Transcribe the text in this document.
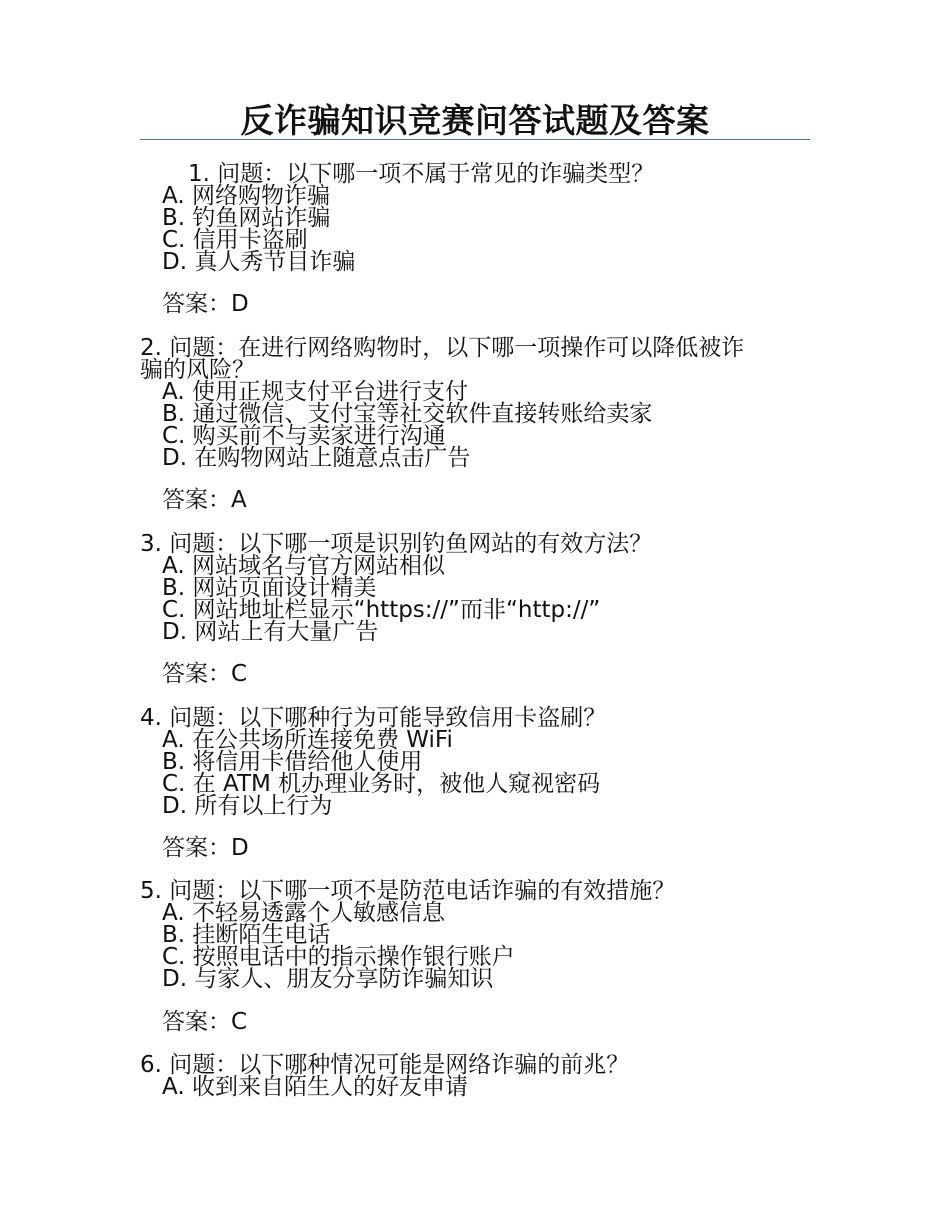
反诈骗知识竞赛问答试题及答案
1. 问题：以下哪一项不属于常见的诈骗类型？
A. 网络购物诈骗
B. 钓鱼网站诈骗
C. 信用卡盗刷
D. 真人秀节目诈骗
答案：D
2. 问题：在进行网络购物时，以下哪一项操作可以降低被诈
骗的风险？
A. 使用正规支付平台进行支付
B. 通过微信、支付宝等社交软件直接转账给卖家
C. 购买前不与卖家进行沟通
D. 在购物网站上随意点击广告
答案：A
3. 问题：以下哪一项是识别钓鱼网站的有效方法？
A. 网站域名与官方网站相似
B. 网站页面设计精美
C. 网站地址栏显示“https://”而非“http://”
D. 网站上有大量广告
答案：C
4. 问题：以下哪种行为可能导致信用卡盗刷？
A. 在公共场所连接免费 WiFi
B. 将信用卡借给他人使用
C. 在 ATM 机办理业务时，被他人窥视密码
D. 所有以上行为
答案：D
5. 问题：以下哪一项不是防范电话诈骗的有效措施？
A. 不轻易透露个人敏感信息
B. 挂断陌生电话
C. 按照电话中的指示操作银行账户
D. 与家人、朋友分享防诈骗知识
答案：C
6. 问题：以下哪种情况可能是网络诈骗的前兆？
A. 收到来自陌生人的好友申请
